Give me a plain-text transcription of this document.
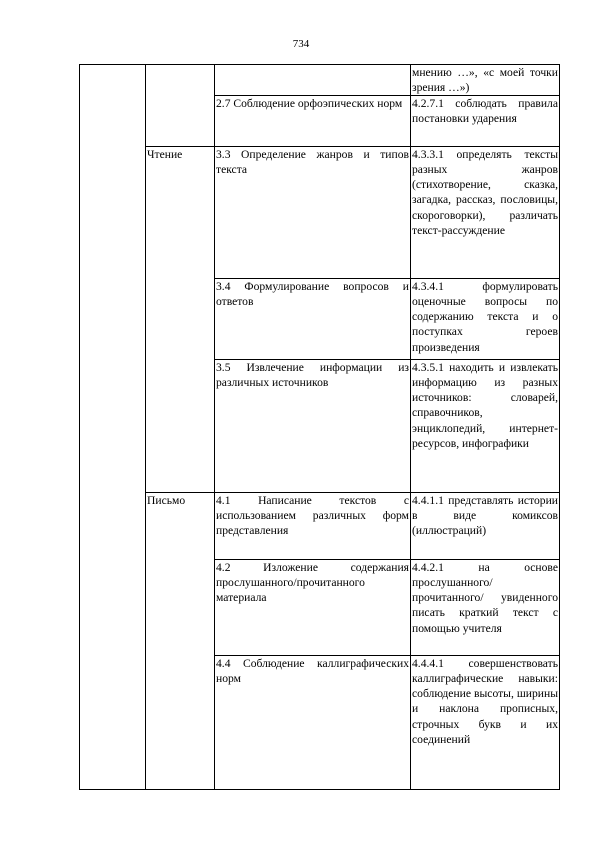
734
			мнению …», «с моей точки зрения …»)
		2.7 Соблюдение орфоэпических норм	4.2.7.1 соблюдать правила постановки ударения
	Чтение	3.3 Определение жанров и типов текста	4.3.3.1 определять тексты разных жанров (стихотворение, сказка, загадка, рассказ, пословицы, скороговорки), различать текст-рассуждение
		3.4 Формулирование вопросов и ответов	4.3.4.1 формулировать оценочные вопросы по содержанию текста и о поступках героев произведения
		3.5 Извлечение информации из различных источников	4.3.5.1 находить и извлекать информацию из разных источников: словарей, справочников, энциклопедий, интернет-ресурсов, инфографики
	Письмо	4.1 Написание текстов с использованием различных форм представления	4.4.1.1 представлять истории в виде комиксов (иллюстраций)
		4.2 Изложение содержания прослушанного/прочитанного материала	4.4.2.1 на основе прослушанного/ прочитанного/ увиденного писать краткий текст с помощью учителя
		4.4 Соблюдение каллиграфических норм	4.4.4.1 совершенствовать каллиграфические навыки: соблюдение высоты, ширины и наклона прописных, строчных букв и их соединений
